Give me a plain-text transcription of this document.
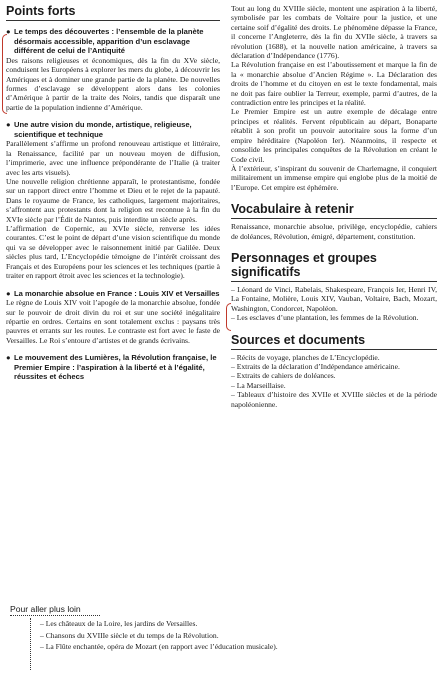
Points forts
● Le temps des découvertes : l’ensemble de la planète désormais accessible, apparition d’un esclavage différent de celui de l’Antiquité

Des raisons religieuses et économiques, dès la fin du XVe siècle, conduisent les Européens à explorer les mers du globe, à découvrir les Amériques et à dominer une grande partie de la planète. De nouvelles formes d’esclavage se développent alors dans les colonies d’Amérique à partir de la traite des Noirs, tandis que disparaît une partie de la population indienne d’Amérique.

● Une autre vision du monde, artistique, religieuse, scientifique et technique

Parallèlement s’affirme un profond renouveau artistique et littéraire, la Renaissance, facilité par un nouveau moyen de diffusion, l’imprimerie, avec une influence prépondérante de l’Italie (à traiter avec les arts visuels).

Une nouvelle religion chrétienne apparaît, le protestantisme, fondée sur un rapport direct entre l’homme et Dieu et le rejet de la papauté. Dans le royaume de France, les catholiques, largement majoritaires, s’affrontent aux protestants dont la religion est reconnue à la fin du XVIe siècle par l’Édit de Nantes, puis interdite un siècle après.

L’affirmation de Copernic, au XVIe siècle, renverse les idées courantes. C’est le point de départ d’une vision scientifique du monde qui va se développer avec le raisonnement initié par Galilée. Deux siècles plus tard, L’Encyclopédie témoigne de l’intérêt croissant des Français et des Européens pour les sciences et les techniques (partie à traiter en rapport étroit avec les sciences et la technologie).

● La monarchie absolue en France : Louis XIV et Versailles

Le règne de Louis XIV voit l’apogée de la monarchie absolue, fondée sur le pouvoir de droit divin du roi et sur une société inégalitaire répartie en ordres. Certains en sont totalement exclus : paysans très pauvres et errants sur les routes. Le contraste est fort avec le faste de Versailles. Le Roi s’entoure d’artistes et de grands écrivains.

● Le mouvement des Lumières, la Révolution française, le Premier Empire : l’aspiration à la liberté et à l’égalité, réussites et échecs

Tout au long du XVIIIe siècle, montent une aspiration à la liberté, symbolisée par les combats de Voltaire pour la justice, et une certaine soif d’égalité des droits. Le phénomène dépasse la France, il concerne l’Angleterre, dès la fin du XVIIe siècle, à travers sa révolution (1688), et la nouvelle nation américaine, à travers sa déclaration d’Indépendance (1776).

La Révolution française en est l’aboutissement et marque la fin de la « monarchie absolue d’Ancien Régime ». La Déclaration des droits de l’homme et du citoyen en est le texte fondamental, mais ne doit pas faire oublier la Terreur, exemple, parmi d’autres, de la contradiction entre les principes et la réalité.

Le Premier Empire est un autre exemple de décalage entre principes et réalités. Fervent républicain au départ, Bonaparte rétablit à son profit un pouvoir autoritaire sous la forme d’un empire héréditaire (Napoléon Ier). Néanmoins, il respecte et consolide les principales conquêtes de la Révolution en créant le Code civil.

À l’extérieur, s’inspirant du souvenir de Charlemagne, il conquiert militairement un immense empire qui englobe plus de la moitié de l’Europe. Cet empire est éphémère.

Vocabulaire à retenir

Renaissance, monarchie absolue, privilège, encyclopédie, cahiers de doléances, Révolution, émigré, département, constitution.

Personnages et groupes significatifs

– Léonard de Vinci, Rabelais, Shakespeare, François Ier, Henri IV, La Fontaine, Molière, Louis XIV, Vauban, Voltaire, Bach, Mozart, Washington, Condorcet, Napoléon.

– Les esclaves d’une plantation, les femmes de la Révolution.

Sources et documents

– Récits de voyage, planches de L’Encyclopédie.

– Extraits de la déclaration d’Indépendance américaine.

– Extraits de cahiers de doléances.

– La Marseillaise.

– Tableaux d’histoire des XVIIe et XVIIIe siècles et de la période napoléonienne.

Pour aller plus loin

– Les châteaux de la Loire, les jardins de Versailles.

– Chansons du XVIIIe siècle et du temps de la Révolution.

– La Flûte enchantée, opéra de Mozart (en rapport avec l’éducation musicale).
